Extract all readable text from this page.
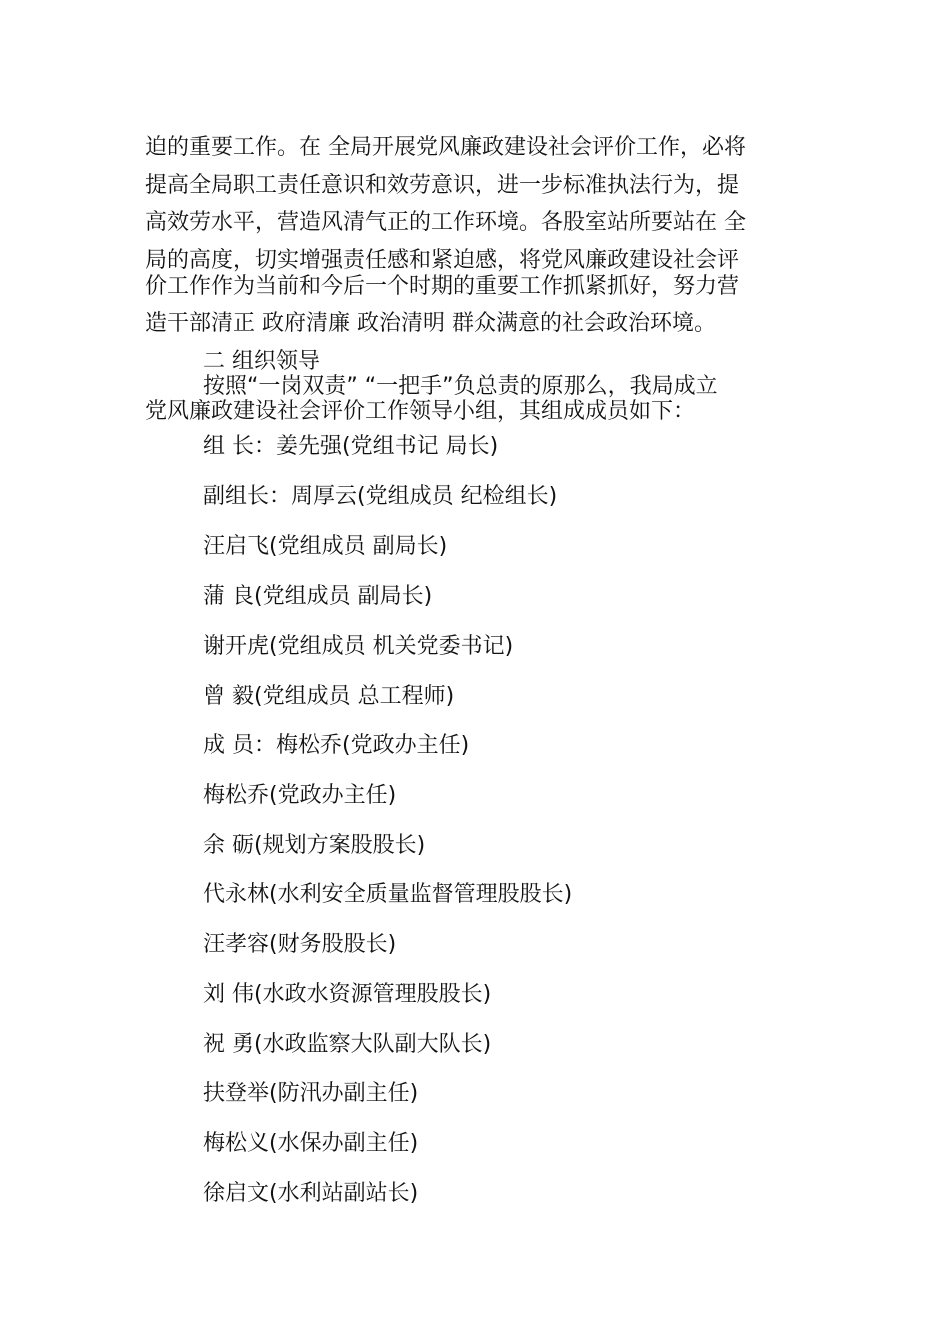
迫的重要工作。在 全局开展党风廉政建设社会评价工作，必将
提高全局职工责任意识和效劳意识，进一步标准执法行为，提
高效劳水平，营造风清气正的工作环境。各股室站所要站在 全
局的高度，切实增强责任感和紧迫感，将党风廉政建设社会评
价工作作为当前和今后一个时期的重要工作抓紧抓好，努力营
造干部清正 政府清廉 政治清明 群众满意的社会政治环境。
二 组织领导
按照“一岗双责” “一把手”负总责的原那么，我局成立
党风廉政建设社会评价工作领导小组，其组成成员如下：
组 长：姜先强(党组书记 局长)
副组长：周厚云(党组成员 纪检组长)
汪启飞(党组成员 副局长)
蒲 良(党组成员 副局长)
谢开虎(党组成员 机关党委书记)
曾 毅(党组成员 总工程师)
成 员：梅松乔(党政办主任)
梅松乔(党政办主任)
余 砺(规划方案股股长)
代永林(水利安全质量监督管理股股长)
汪孝容(财务股股长)
刘 伟(水政水资源管理股股长)
祝 勇(水政监察大队副大队长)
扶登举(防汛办副主任)
梅松义(水保办副主任)
徐启文(水利站副站长)
